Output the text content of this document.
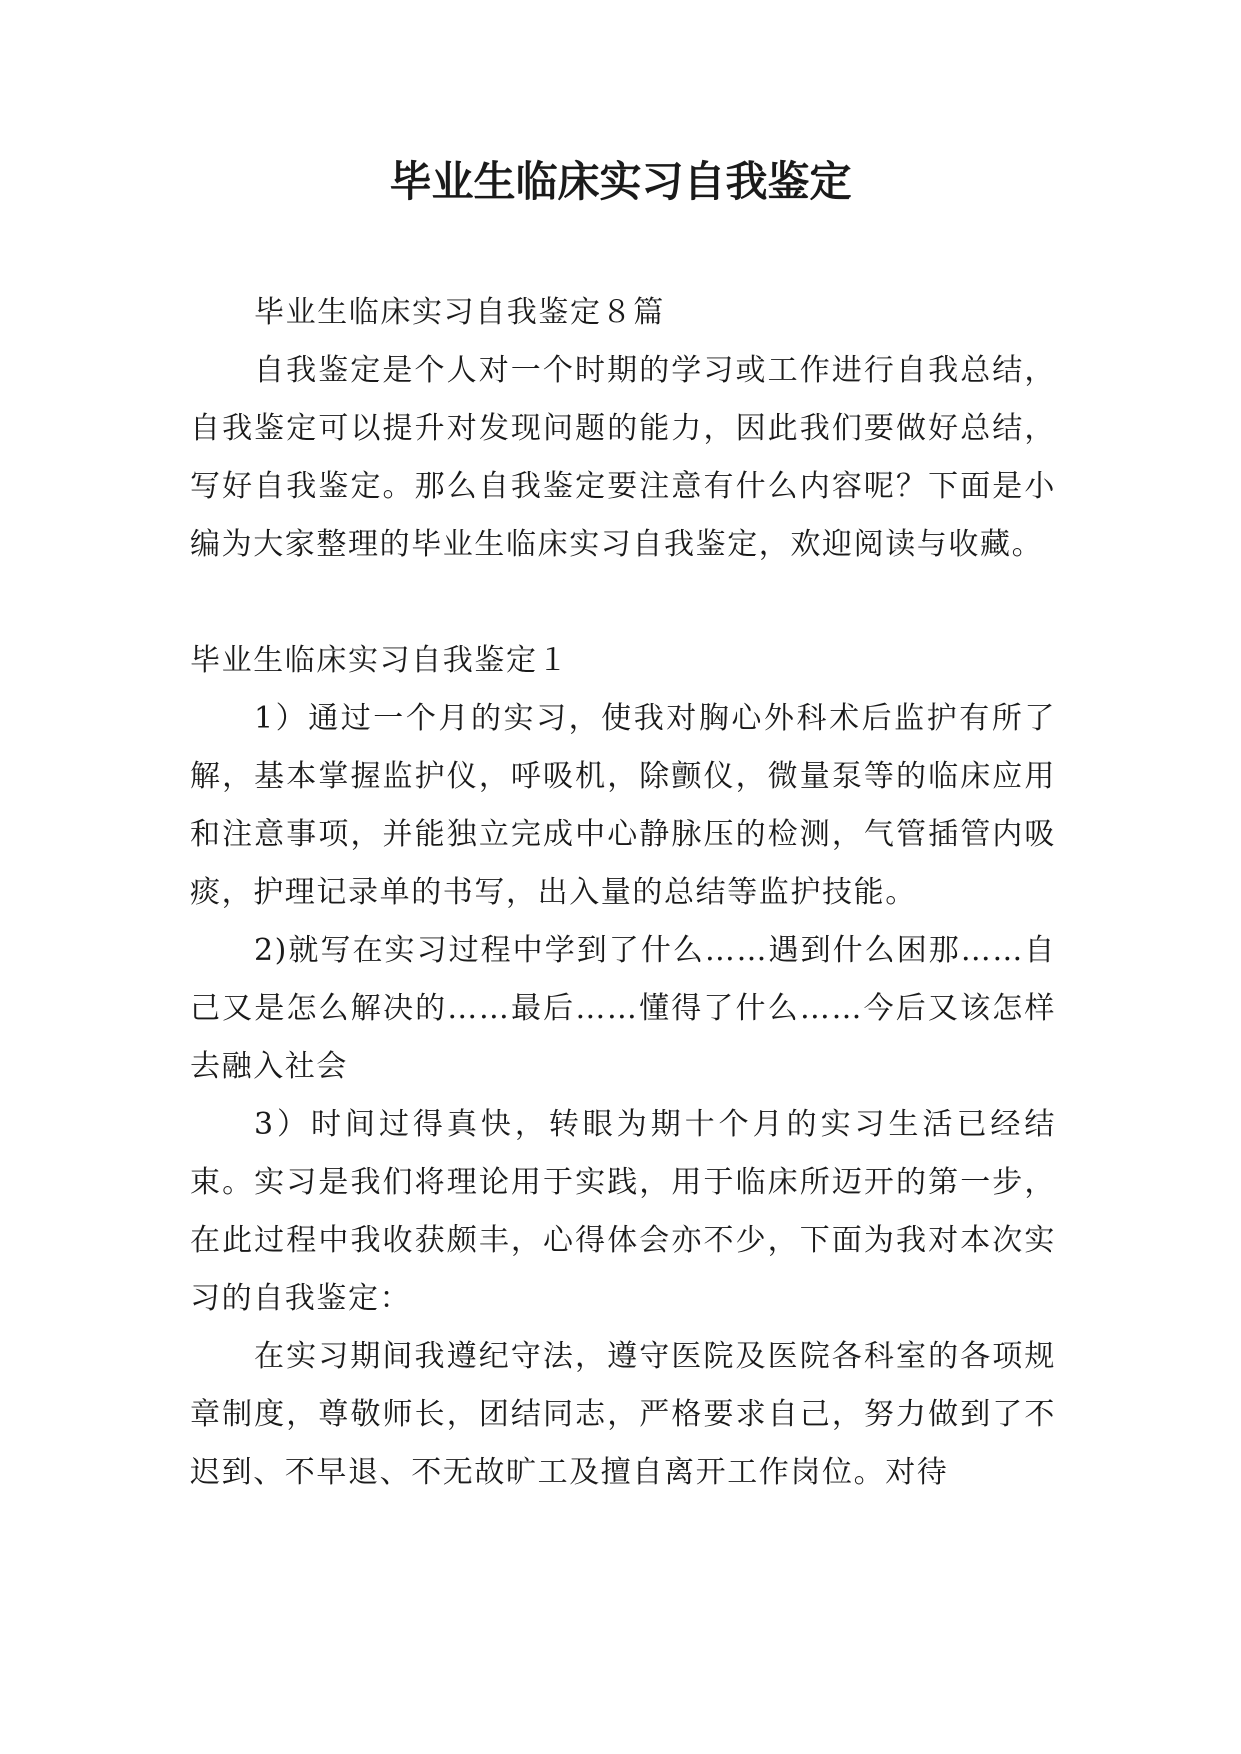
毕业生临床实习自我鉴定

毕业生临床实习自我鉴定８篇

自我鉴定是个人对一个时期的学习或工作进行自我总结，自我鉴定可以提升对发现问题的能力，因此我们要做好总结，写好自我鉴定。那么自我鉴定要注意有什么内容呢？下面是小编为大家整理的毕业生临床实习自我鉴定，欢迎阅读与收藏。

毕业生临床实习自我鉴定１

1）通过一个月的实习，使我对胸心外科术后监护有所了解，基本掌握监护仪，呼吸机，除颤仪，微量泵等的临床应用和注意事项，并能独立完成中心静脉压的检测，气管插管内吸痰，护理记录单的书写，出入量的总结等监护技能。

2)就写在实习过程中学到了什么……遇到什么困那……自己又是怎么解决的……最后……懂得了什么……今后又该怎样去融入社会

3）时间过得真快，转眼为期十个月的实习生活已经结束。实习是我们将理论用于实践，用于临床所迈开的第一步，在此过程中我收获颇丰，心得体会亦不少，下面为我对本次实习的自我鉴定：

在实习期间我遵纪守法，遵守医院及医院各科室的各项规章制度，尊敬师长，团结同志，严格要求自己，努力做到了不迟到、不早退、不无故旷工及擅自离开工作岗位。对待
